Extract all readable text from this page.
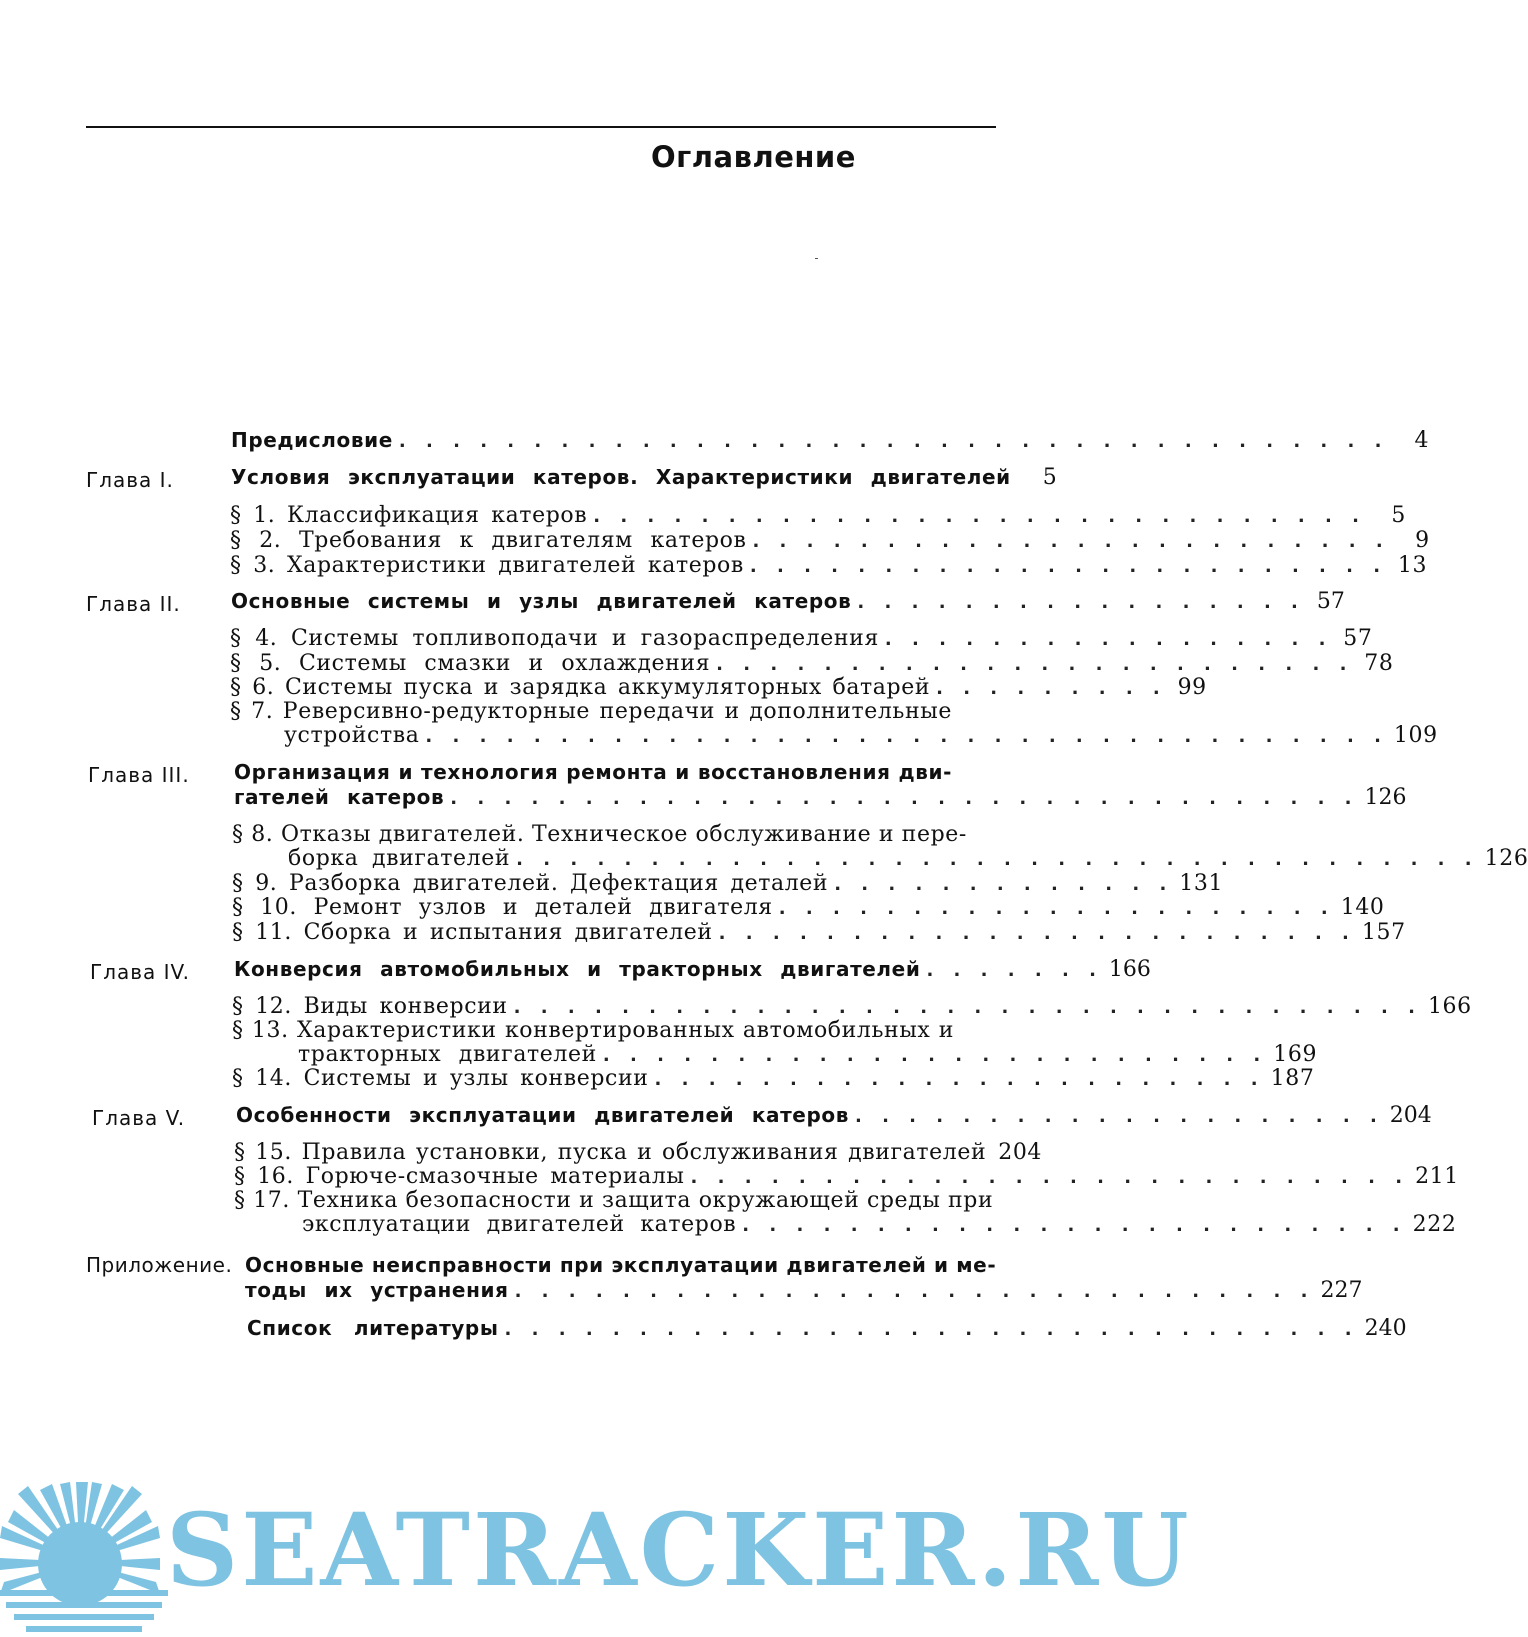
Оглавление
Предисловие . . . . . . . . . . . . . . . . . . . . . . . . . . . . . . . . . . . . .	4
Глава I.	Условия эксплуатации катеров. Характеристики двигателей	5
§ 1. Классификация катеров . . . . . . . . . . . . . . . . . . . . . . . . . . . . .	5
§ 2. Требования к двигателям катеров . . . . . . . . . . . . . . . . . . . . . . . .	9
§ 3. Характеристики двигателей катеров . . . . . . . . . . . . . . . . . . . . . . . . 13
Глава II.	Основные системы и узлы двигателей катеров . . . . . . . . . . . . . . . . . 57
§ 4. Системы топливоподачи и газораспределения . . . . . . . . . . . . . . . . . 57
§ 5. Системы смазки и охлаждения . . . . . . . . . . . . . . . . . . . . . . . . 78
§ 6. Системы пуска и зарядка аккумуляторных батарей . . . . . . . . . 99
§ 7. Реверсивно-редукторные передачи и дополнительные
устройства . . . . . . . . . . . . . . . . . . . . . . . . . . . . . . . . . . . . 109
Глава III. Организация и технология ремонта и восстановления дви-
гателей катеров . . . . . . . . . . . . . . . . . . . . . . . . . . . . . . . . . . 126
§ 8. Отказы двигателей. Техническое обслуживание и пере-
борка двигателей . . . . . . . . . . . . . . . . . . . . . . . . . . . . . . . . . . . . 126
§ 9. Разборка двигателей. Дефектация деталей . . . . . . . . . . . . . 131
§ 10. Ремонт узлов и деталей двигателя . . . . . . . . . . . . . . . . . . . . . 140
§ 11. Сборка и испытания двигателей . . . . . . . . . . . . . . . . . . . . . . . . 157
Глава IV. Конверсия автомобильных и тракторных двигателей . . . . . . . 166
§ 12. Виды конверсии . . . . . . . . . . . . . . . . . . . . . . . . . . . . . . . . . . 166
§ 13. Характеристики конвертированных автомобильных и
тракторных двигателей . . . . . . . . . . . . . . . . . . . . . . . . . 169
§ 14. Системы и узлы конверсии . . . . . . . . . . . . . . . . . . . . . . . 187
Глава V.	Особенности эксплуатации двигателей катеров . . . . . . . . . . . . . . . . . . . . 204
§ 15. Правила установки, пуска и обслуживания двигателей 204
§ 16. Горюче-смазочные материалы . . . . . . . . . . . . . . . . . . . . . . . . . . . 211
§ 17. Техника безопасности и защита окружающей среды при
эксплуатации двигателей катеров . . . . . . . . . . . . . . . . . . . . . . . . . 222
Приложение. Основные неисправности при эксплуатации двигателей и ме-
тоды их устранения . . . . . . . . . . . . . . . . . . . . . . . . . . . . . . 227
Список литературы . . . . . . . . . . . . . . . . . . . . . . . . . . . . . . . . 240
SEATRACKER.RU
